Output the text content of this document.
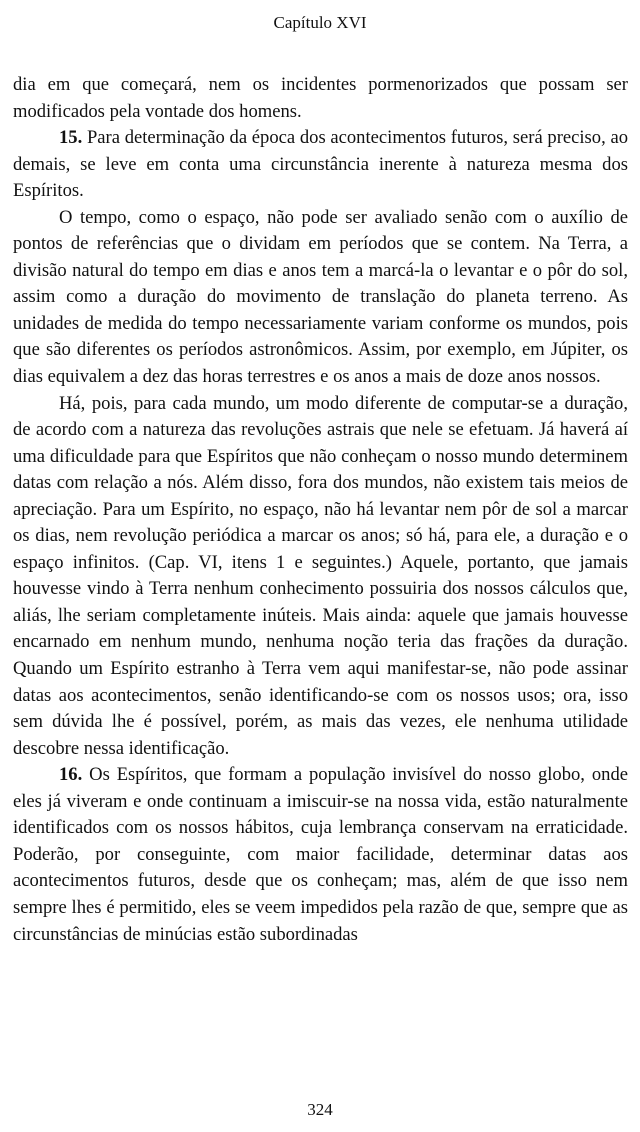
Capítulo XVI

dia em que começará, nem os incidentes pormenorizados que possam ser modificados pela vontade dos homens.

15. Para determinação da época dos acontecimentos futuros, será preciso, ao demais, se leve em conta uma circunstância inerente à natureza mesma dos Espíritos.

O tempo, como o espaço, não pode ser avaliado senão com o auxílio de pontos de referências que o dividam em períodos que se contem. Na Terra, a divisão natural do tempo em dias e anos tem a marcá-la o levantar e o pôr do sol, assim como a duração do movimento de translação do planeta terreno. As unidades de medida do tempo necessariamente variam conforme os mundos, pois que são diferentes os períodos astronômicos. Assim, por exemplo, em Júpiter, os dias equivalem a dez das horas terrestres e os anos a mais de doze anos nossos.

Há, pois, para cada mundo, um modo diferente de computar-se a duração, de acordo com a natureza das revoluções astrais que nele se efetuam. Já haverá aí uma dificuldade para que Espíritos que não conheçam o nosso mundo determinem datas com relação a nós. Além disso, fora dos mundos, não existem tais meios de apreciação. Para um Espírito, no espaço, não há levantar nem pôr de sol a marcar os dias, nem revolução periódica a marcar os anos; só há, para ele, a duração e o espaço infinitos. (Cap. VI, itens 1 e seguintes.) Aquele, portanto, que jamais houvesse vindo à Terra nenhum conhecimento possuiria dos nossos cálculos que, aliás, lhe seriam completamente inúteis. Mais ainda: aquele que jamais houvesse encarnado em nenhum mundo, nenhuma noção teria das frações da duração. Quando um Espírito estranho à Terra vem aqui manifestar-se, não pode assinar datas aos acontecimentos, senão identificando-se com os nossos usos; ora, isso sem dúvida lhe é possível, porém, as mais das vezes, ele nenhuma utilidade descobre nessa identificação.

16. Os Espíritos, que formam a população invisível do nosso globo, onde eles já viveram e onde continuam a imiscuir-se na nossa vida, estão naturalmente identificados com os nossos hábitos, cuja lembrança conservam na erraticidade. Poderão, por conseguinte, com maior facilidade, determinar datas aos acontecimentos futuros, desde que os conheçam; mas, além de que isso nem sempre lhes é permitido, eles se veem impedidos pela razão de que, sempre que as circunstâncias de minúcias estão subordinadas

324
